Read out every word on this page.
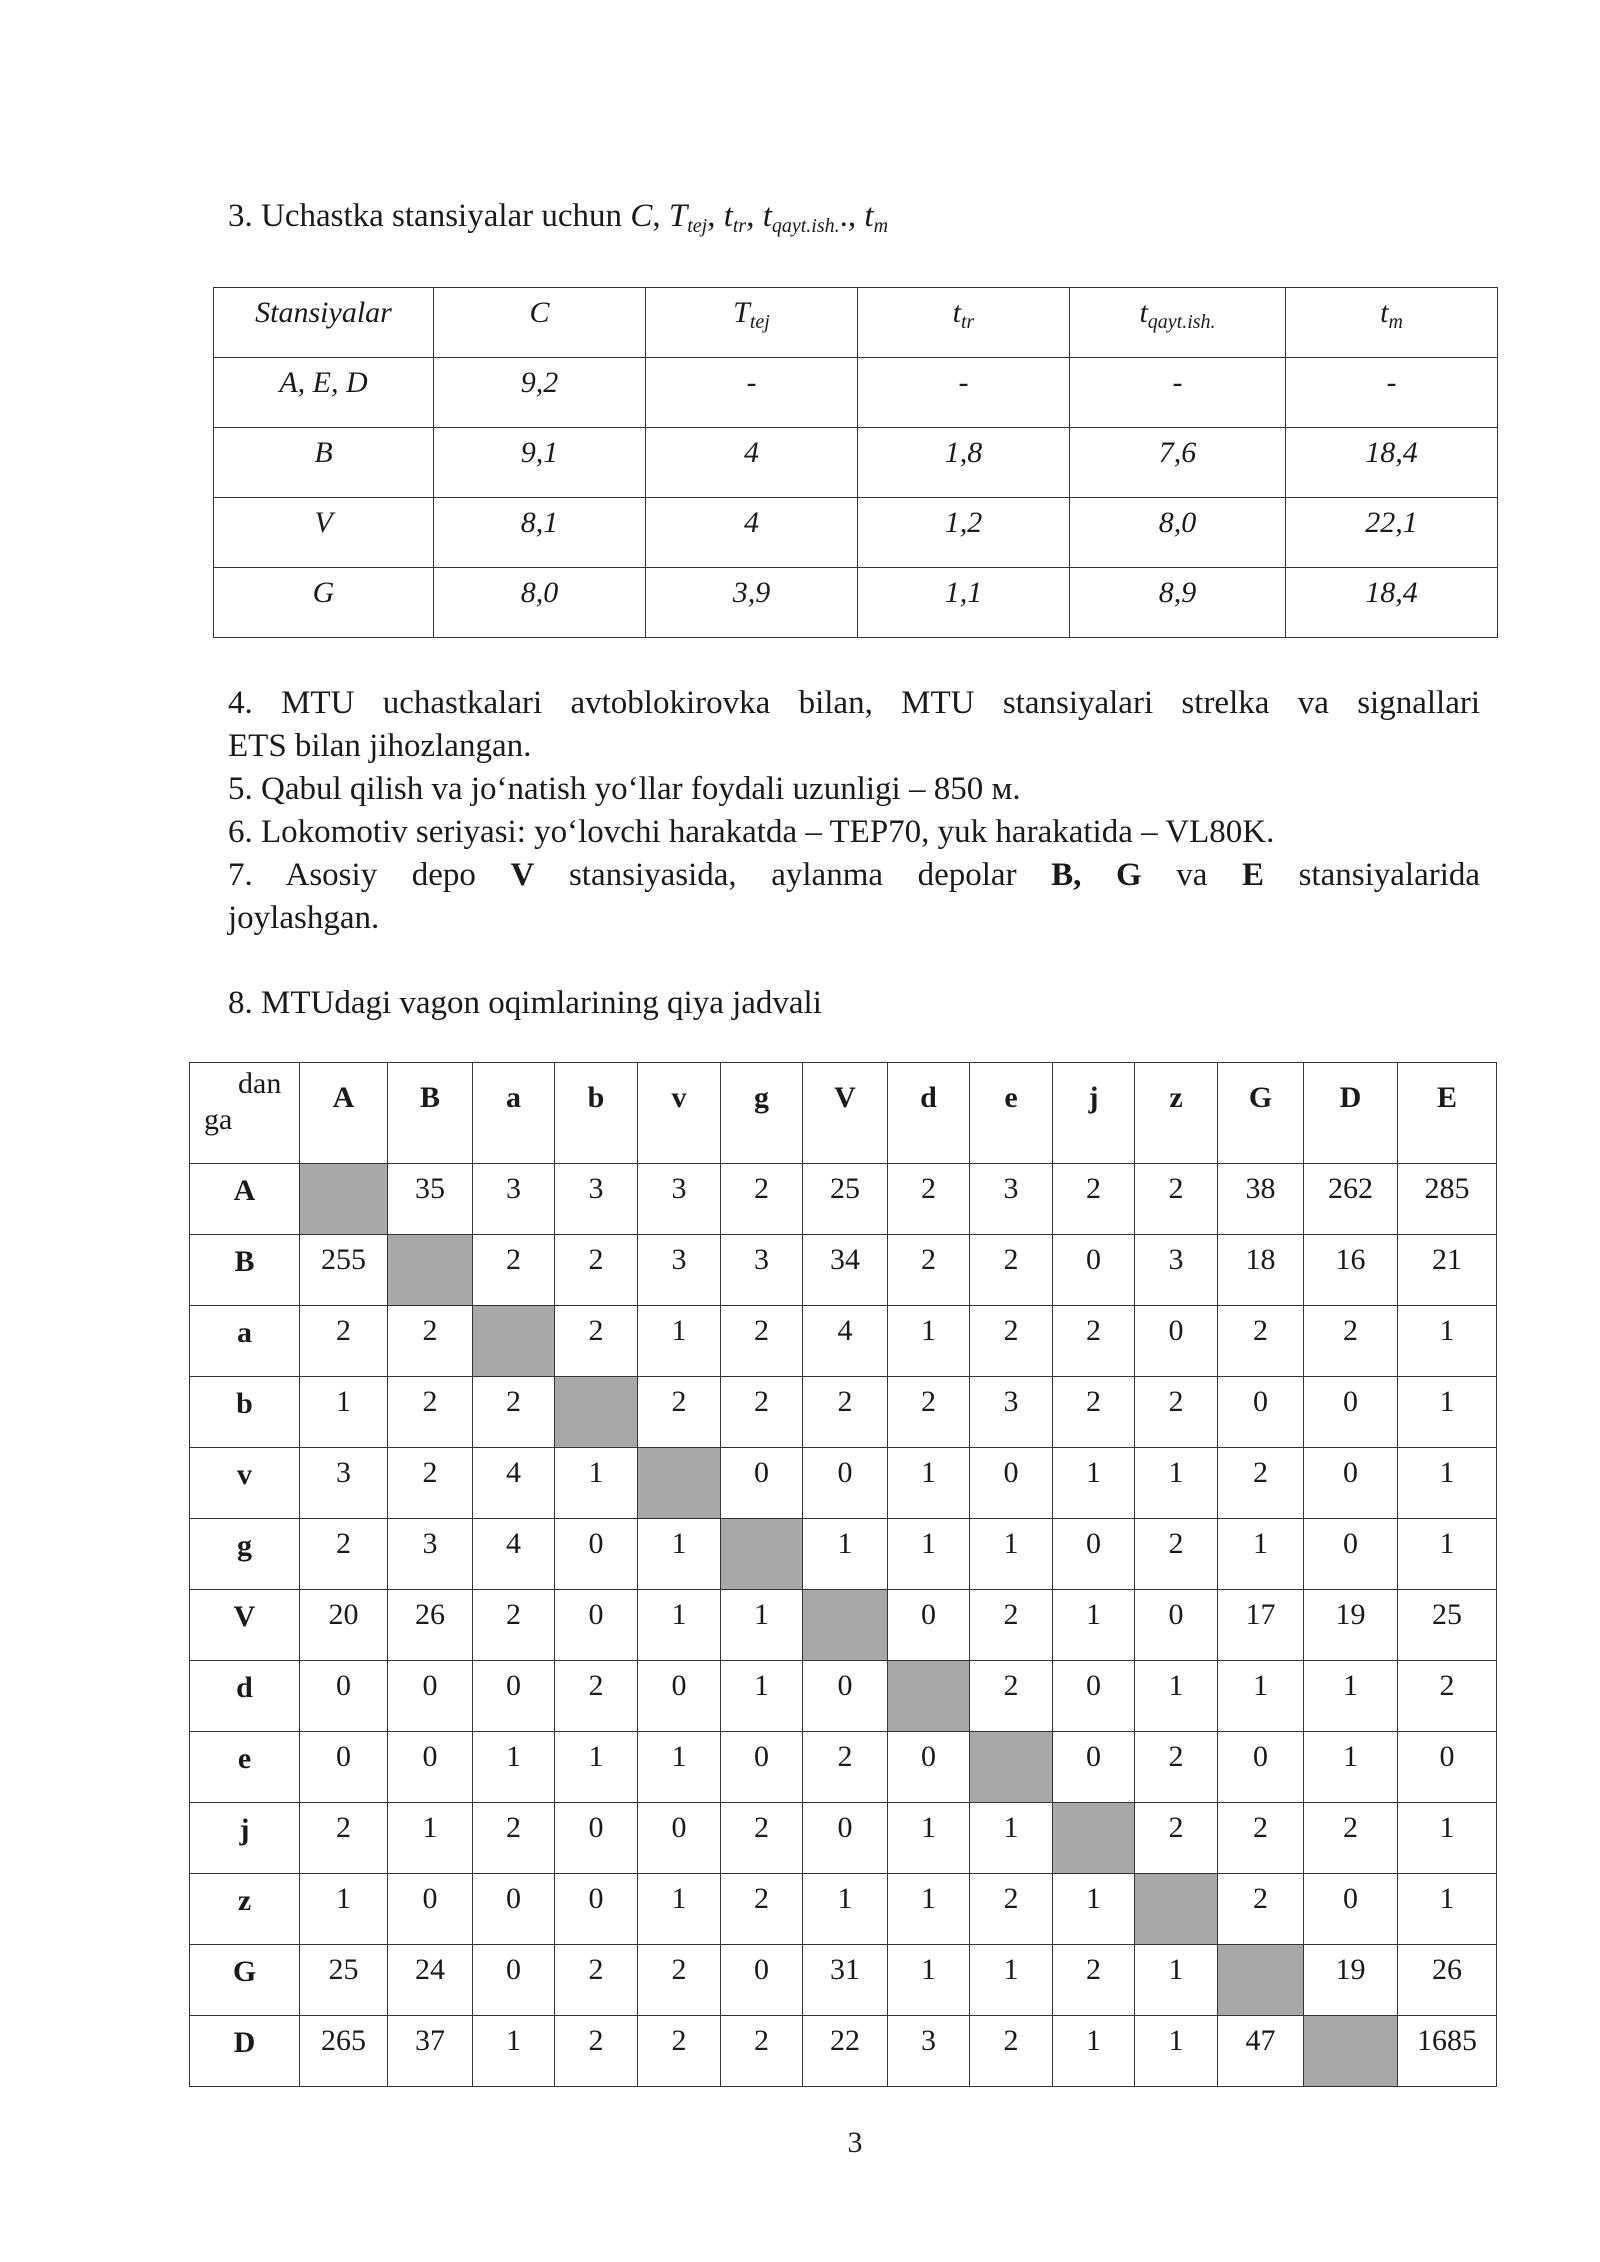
3. Uchastka stansiyalar uchun C, $T_{tej}$, $t_{tr}$, $t_{qayt.ish.}$., $t_m$
Stansiyalar	C	$T_{tej}$	$t_{tr}$	$t_{qayt.ish.}$	$t_m$
A, E, D	9,2	-	-	-	-
B	9,1	4	1,8	7,6	18,4
V	8,1	4	1,2	8,0	22,1
G	8,0	3,9	1,1	8,9	18,4
4. MTU uchastkalari avtoblokirovka bilan, MTU stansiyalari strelka va signallari
ETS bilan jihozlangan.
5. Qabul qilish va jo‘natish yo‘llar foydali uzunligi – 850 м.
6. Lokomotiv seriyasi: yo‘lovchi harakatda – TEP70, yuk harakatida – VL80K.
7. Asosiy depo V stansiyasida, aylanma depolar B, G va E stansiyalarida
joylashgan.
8. MTUdagi vagon oqimlarining qiya jadvali
dan
ga	A	B	a	b	v	g	V	d	e	j	z	G	D	E
A		35	3	3	3	2	25	2	3	2	2	38	262	285
B	255		2	2	3	3	34	2	2	0	3	18	16	21
a	2	2		2	1	2	4	1	2	2	0	2	2	1
b	1	2	2		2	2	2	2	3	2	2	0	0	1
v	3	2	4	1		0	0	1	0	1	1	2	0	1
g	2	3	4	0	1		1	1	1	0	2	1	0	1
V	20	26	2	0	1	1		0	2	1	0	17	19	25
d	0	0	0	2	0	1	0		2	0	1	1	1	2
e	0	0	1	1	1	0	2	0		0	2	0	1	0
j	2	1	2	0	0	2	0	1	1		2	2	2	1
z	1	0	0	0	1	2	1	1	2	1		2	0	1
G	25	24	0	2	2	0	31	1	1	2	1		19	26
D	265	37	1	2	2	2	22	3	2	1	1	47		1685
3
